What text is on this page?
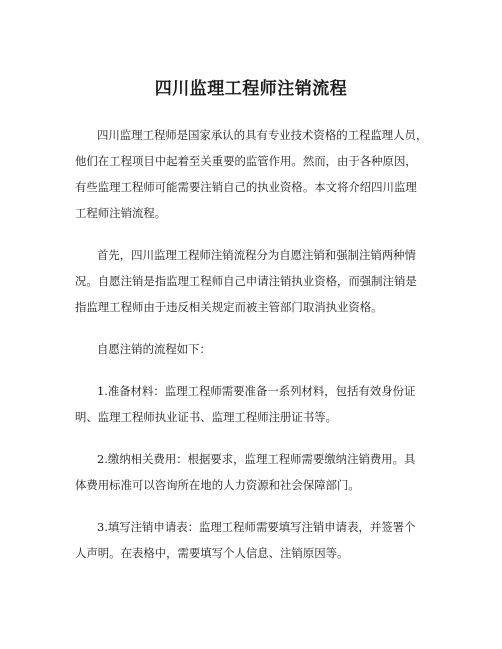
四川监理工程师注销流程
四川监理工程师是国家承认的具有专业技术资格的工程监理人员，
他们在工程项目中起着至关重要的监管作用。然而，由于各种原因，
有些监理工程师可能需要注销自己的执业资格。本文将介绍四川监理
工程师注销流程。
首先，四川监理工程师注销流程分为自愿注销和强制注销两种情
况。自愿注销是指监理工程师自己申请注销执业资格，而强制注销是
指监理工程师由于违反相关规定而被主管部门取消执业资格。
自愿注销的流程如下：
1.准备材料：监理工程师需要准备一系列材料，包括有效身份证
明、监理工程师执业证书、监理工程师注册证书等。
2.缴纳相关费用：根据要求，监理工程师需要缴纳注销费用。具
体费用标准可以咨询所在地的人力资源和社会保障部门。
3.填写注销申请表：监理工程师需要填写注销申请表，并签署个
人声明。在表格中，需要填写个人信息、注销原因等。
